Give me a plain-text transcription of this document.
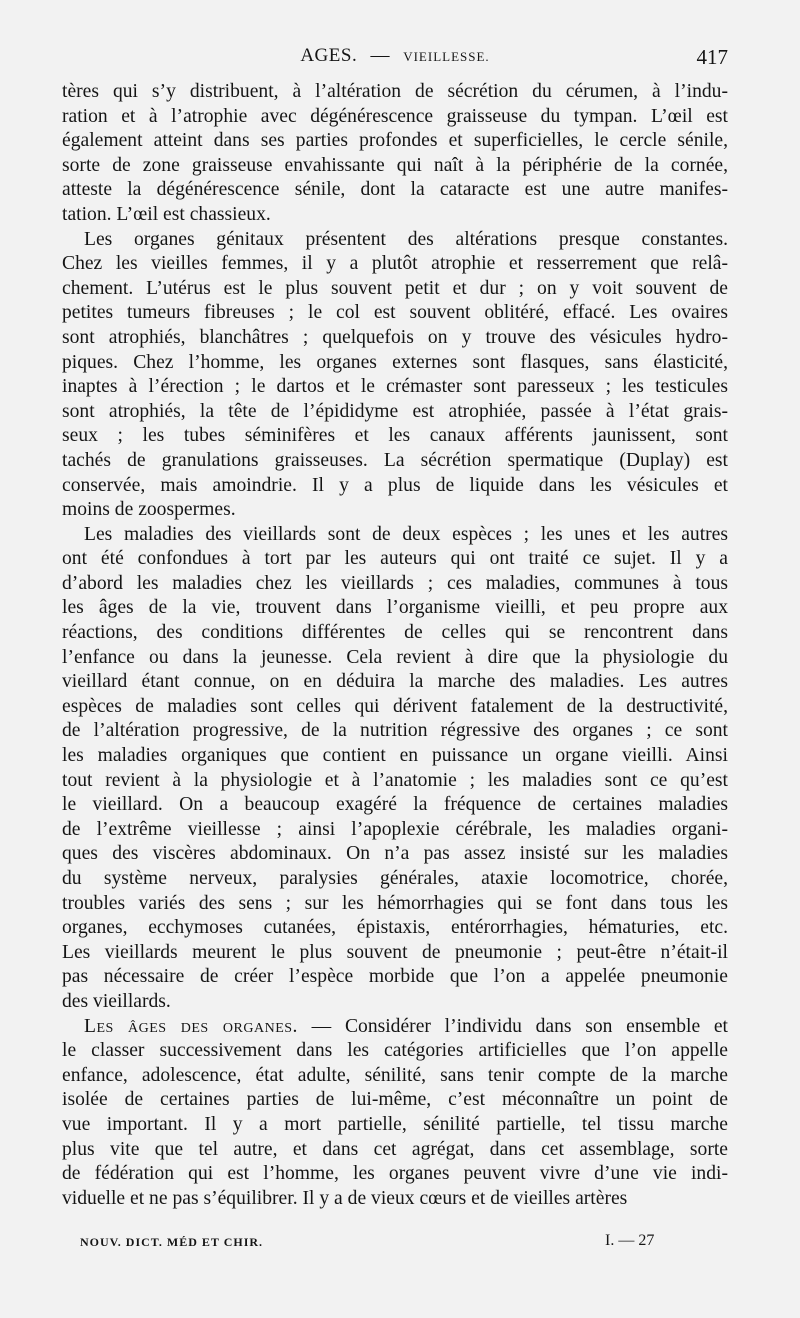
AGES. — VIEILLESSE.	417

tères qui s’y distribuent, à l’altération de sécrétion du cérumen, à l’indu-
ration et à l’atrophie avec dégénérescence graisseuse du tympan. L’œil est
également atteint dans ses parties profondes et superficielles, le cercle sénile,
sorte de zone graisseuse envahissante qui naît à la périphérie de la cornée,
atteste la dégénérescence sénile, dont la cataracte est une autre manifes-
tation. L’œil est chassieux.

Les organes génitaux présentent des altérations presque constantes.
Chez les vieilles femmes, il y a plutôt atrophie et resserrement que relâ-
chement. L’utérus est le plus souvent petit et dur ; on y voit souvent de
petites tumeurs fibreuses ; le col est souvent oblitéré, effacé. Les ovaires
sont atrophiés, blanchâtres ; quelquefois on y trouve des vésicules hydro-
piques. Chez l’homme, les organes externes sont flasques, sans élasticité,
inaptes à l’érection ; le dartos et le crémaster sont paresseux ; les testicules
sont atrophiés, la tête de l’épididyme est atrophiée, passée à l’état grais-
seux ; les tubes séminifères et les canaux afférents jaunissent, sont
tachés de granulations graisseuses. La sécrétion spermatique (Duplay) est
conservée, mais amoindrie. Il y a plus de liquide dans les vésicules et
moins de zoospermes.

Les maladies des vieillards sont de deux espèces ; les unes et les autres
ont été confondues à tort par les auteurs qui ont traité ce sujet. Il y a
d’abord les maladies chez les vieillards ; ces maladies, communes à tous
les âges de la vie, trouvent dans l’organisme vieilli, et peu propre aux
réactions, des conditions différentes de celles qui se rencontrent dans
l’enfance ou dans la jeunesse. Cela revient à dire que la physiologie du
vieillard étant connue, on en déduira la marche des maladies. Les autres
espèces de maladies sont celles qui dérivent fatalement de la destructivité,
de l’altération progressive, de la nutrition régressive des organes ; ce sont
les maladies organiques que contient en puissance un organe vieilli. Ainsi
tout revient à la physiologie et à l’anatomie ; les maladies sont ce qu’est
le vieillard. On a beaucoup exagéré la fréquence de certaines maladies
de l’extrême vieillesse ; ainsi l’apoplexie cérébrale, les maladies organi-
ques des viscères abdominaux. On n’a pas assez insisté sur les maladies
du système nerveux, paralysies générales, ataxie locomotrice, chorée,
troubles variés des sens ; sur les hémorrhagies qui se font dans tous les
organes, ecchymoses cutanées, épistaxis, entérorrhagies, hématuries, etc.
Les vieillards meurent le plus souvent de pneumonie ; peut-être n’était-il
pas nécessaire de créer l’espèce morbide que l’on a appelée pneumonie
des vieillards.

Les âges des organes. — Considérer l’individu dans son ensemble et
le classer successivement dans les catégories artificielles que l’on appelle
enfance, adolescence, état adulte, sénilité, sans tenir compte de la marche
isolée de certaines parties de lui-même, c’est méconnaître un point de
vue important. Il y a mort partielle, sénilité partielle, tel tissu marche
plus vite que tel autre, et dans cet agrégat, dans cet assemblage, sorte
de fédération qui est l’homme, les organes peuvent vivre d’une vie indi-
viduelle et ne pas s’équilibrer. Il y a de vieux cœurs et de vieilles artères

NOUV. DICT. MÉD ET CHIR.	I. — 27
